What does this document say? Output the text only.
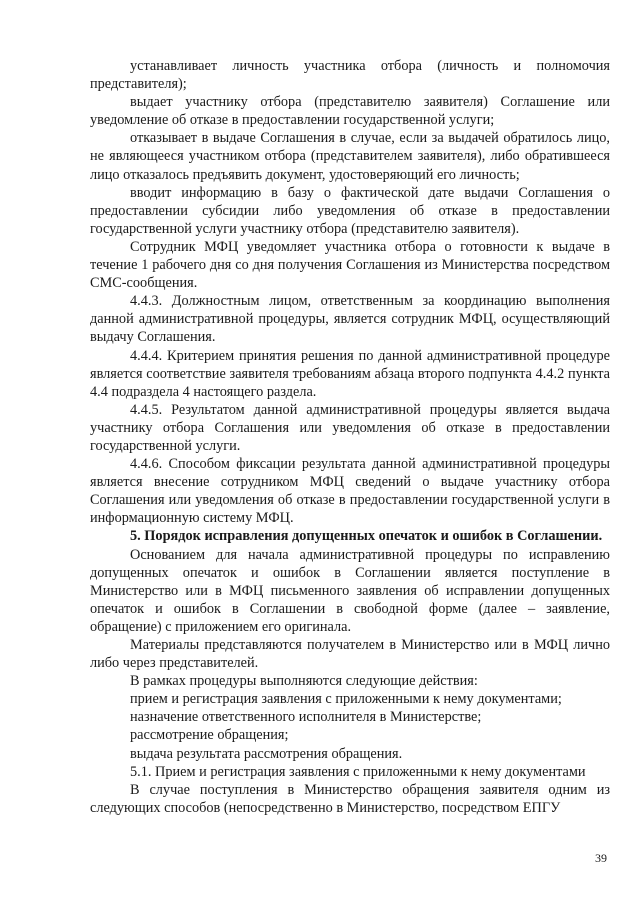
устанавливает личность участника отбора (личность и полномочия представителя);

выдает участнику отбора (представителю заявителя) Соглашение или уведомление об отказе в предоставлении государственной услуги;

отказывает в выдаче Соглашения в случае, если за выдачей обратилось лицо, не являющееся участником отбора (представителем заявителя), либо обратившееся лицо отказалось предъявить документ, удостоверяющий его личность;

вводит информацию в базу о фактической дате выдачи Соглашения о предоставлении субсидии либо уведомления об отказе в предоставлении государственной услуги участнику отбора (представителю заявителя).

Сотрудник МФЦ уведомляет участника отбора о готовности к выдаче в течение 1 рабочего дня со дня получения Соглашения из Министерства посредством СМС-сообщения.

4.4.3. Должностным лицом, ответственным за координацию выполнения данной административной процедуры, является сотрудник МФЦ, осуществляющий выдачу Соглашения.

4.4.4. Критерием принятия решения по данной административной процедуре является соответствие заявителя требованиям абзаца второго подпункта 4.4.2 пункта 4.4 подраздела 4 настоящего раздела.

4.4.5. Результатом данной административной процедуры является выдача участнику отбора Соглашения или уведомления об отказе в предоставлении государственной услуги.

4.4.6. Способом фиксации результата данной административной процедуры является внесение сотрудником МФЦ сведений о выдаче участнику отбора Соглашения или уведомления об отказе в предоставлении государственной услуги в информационную систему МФЦ.

5. Порядок исправления допущенных опечаток и ошибок в Соглашении.

Основанием для начала административной процедуры по исправлению допущенных опечаток и ошибок в Соглашении является поступление в Министерство или в МФЦ письменного заявления об исправлении допущенных опечаток и ошибок в Соглашении в свободной форме (далее – заявление, обращение) с приложением его оригинала.

Материалы представляются получателем в Министерство или в МФЦ лично либо через представителей.

В рамках процедуры выполняются следующие действия:

прием и регистрация заявления с приложенными к нему документами;

назначение ответственного исполнителя в Министерстве;

рассмотрение обращения;

выдача результата рассмотрения обращения.

5.1. Прием и регистрация заявления с приложенными к нему документами

В случае поступления в Министерство обращения заявителя одним из следующих способов (непосредственно в Министерство, посредством ЕПГУ

39
